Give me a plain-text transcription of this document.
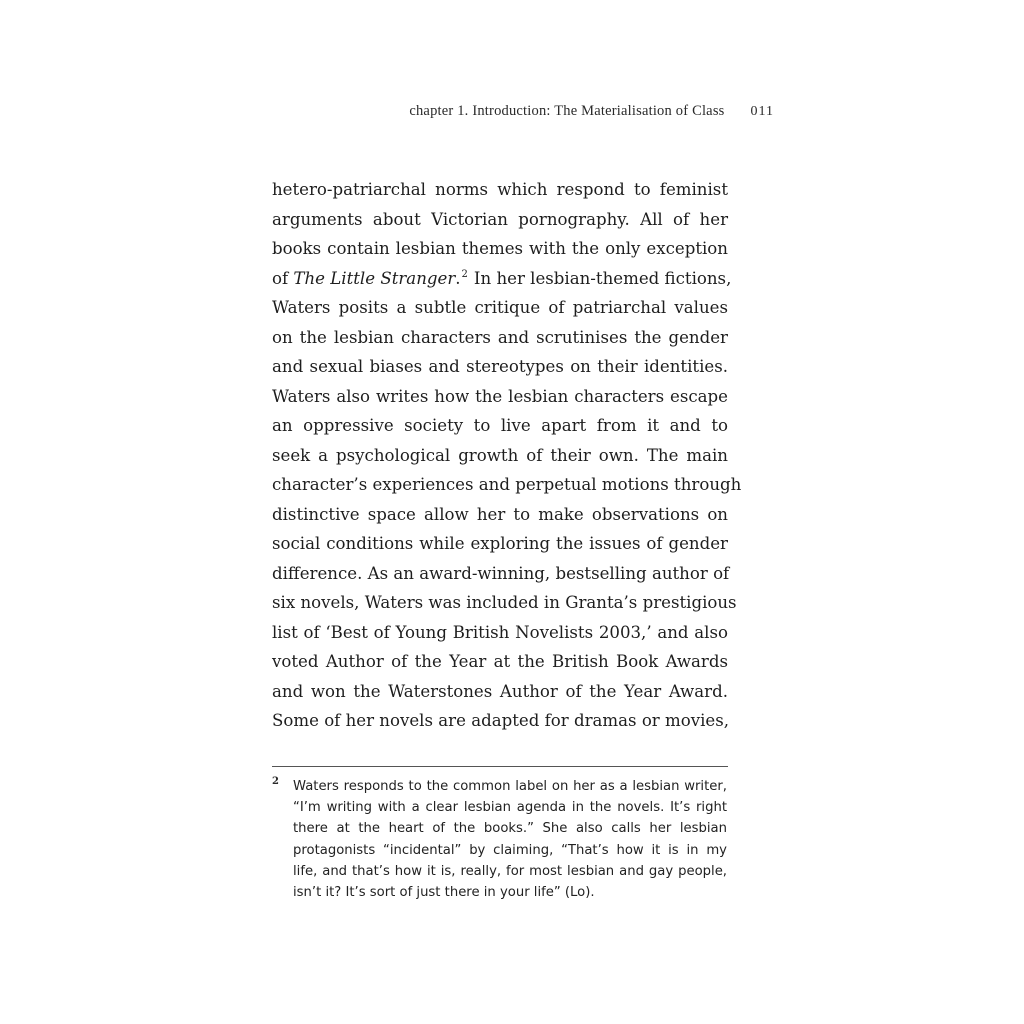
chapter 1. Introduction: The Materialisation of Class 011
hetero-patriarchal norms which respond to feminist
arguments about Victorian pornography. All of her
books contain lesbian themes with the only exception
of The Little Stranger.$^2$ In her lesbian-themed fictions,
Waters posits a subtle critique of patriarchal values
on the lesbian characters and scrutinises the gender
and sexual biases and stereotypes on their identities.
Waters also writes how the lesbian characters escape
an oppressive society to live apart from it and to
seek a psychological growth of their own. The main
character’s experiences and perpetual motions through
distinctive space allow her to make observations on
social conditions while exploring the issues of gender
difference. As an award-winning, bestselling author of
six novels, Waters was included in Granta’s prestigious
list of ‘Best of Young British Novelists 2003,’ and also
voted Author of the Year at the British Book Awards
and won the Waterstones Author of the Year Award.
Some of her novels are adapted for dramas or movies,
2 Waters responds to the common label on her as a lesbian writer,
“I’m writing with a clear lesbian agenda in the novels. It’s right
there at the heart of the books.” She also calls her lesbian
protagonists “incidental” by claiming, “That’s how it is in my
life, and that’s how it is, really, for most lesbian and gay people,
isn’t it? It’s sort of just there in your life” (Lo).
